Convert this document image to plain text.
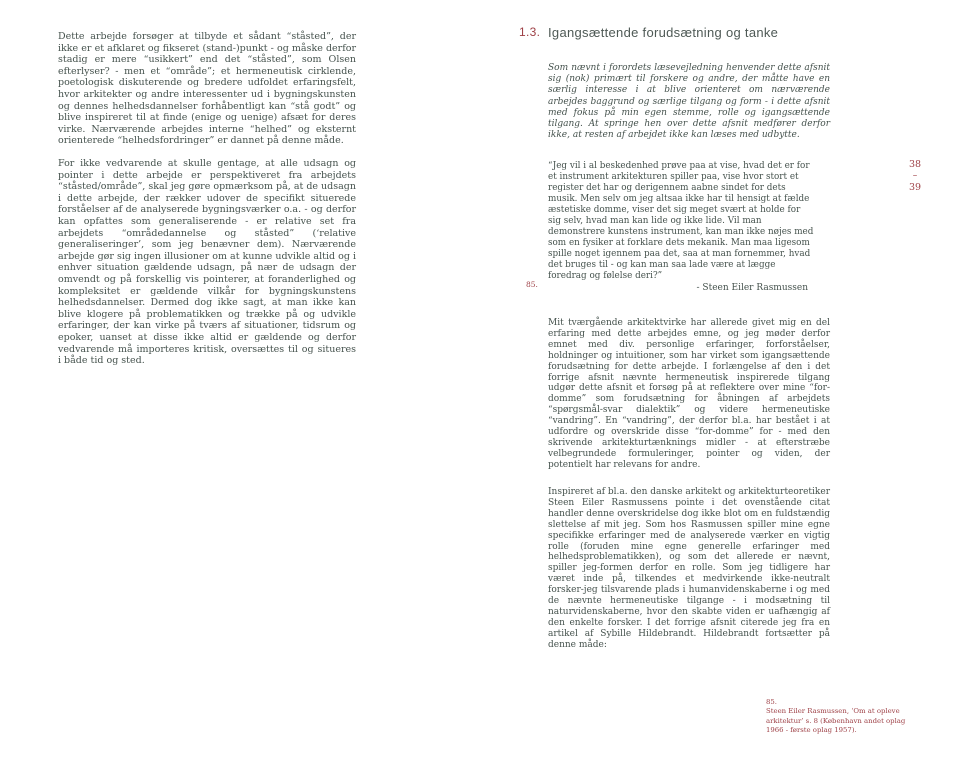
Dette arbejde forsøger at tilbyde et sådant “ståsted”, der ikke er et afklaret og fikseret (stand-)punkt - og måske derfor stadig er mere “usikkert” end det “ståsted”, som Olsen efterlyser? - men et “område”; et hermeneutisk cirklende, poetologisk diskuterende og bredere udfoldet erfaringsfelt, hvor arkitekter og andre interessenter ud i bygningskunsten og dennes helhedsdannelser forhåbentligt kan “stå godt” og blive inspireret til at finde (enige og uenige) afsæt for deres virke. Nærværende arbejdes interne “helhed” og eksternt orienterede “helhedsfordringer” er dannet på denne måde.

For ikke vedvarende at skulle gentage, at alle udsagn og pointer i dette arbejde er perspektiveret fra arbejdets “ståsted/område”, skal jeg gøre opmærksom på, at de udsagn i dette arbejde, der rækker udover de specifikt situerede forståelser af de analyserede bygningsværker o.a. - og derfor kan opfattes som generaliserende - er relative set fra arbejdets “områdedannelse og ståsted” (‘relative generaliseringer’, som jeg benævner dem). Nærværende arbejde gør sig ingen illusioner om at kunne udvikle altid og i enhver situation gældende udsagn, på nær de udsagn der omvendt og på forskellig vis pointerer, at foranderlighed og kompleksitet er gældende vilkår for bygningskunstens helhedsdannelser. Dermed dog ikke sagt, at man ikke kan blive klogere på problematikken og trække på og udvikle erfaringer, der kan virke på tværs af situationer, tidsrum og epoker, uanset at disse ikke altid er gældende og derfor vedvarende må importeres kritisk, oversættes til og situeres i både tid og sted.

1.3. Igangsættende forudsætning og tanke

Som nævnt i forordets læsevejledning henvender dette afsnit sig (nok) primært til forskere og andre, der måtte have en særlig interesse i at blive orienteret om nærværende arbejdes baggrund og særlige tilgang og form - i dette afsnit med fokus på min egen stemme, rolle og igangsættende tilgang. At springe hen over dette afsnit medfører derfor ikke, at resten af arbejdet ikke kan læses med udbytte.

85.

“Jeg vil i al beskedenhed prøve paa at vise, hvad det er for et instrument arkitekturen spiller paa, vise hvor stort et register det har og derigennem aabne sindet for dets musik. Men selv om jeg altsaa ikke har til hensigt at fælde æstetiske domme, viser det sig meget svært at holde for sig selv, hvad man kan lide og ikke lide. Vil man demonstrere kunstens instrument, kan man ikke nøjes med som en fysiker at forklare dets mekanik. Man maa ligesom spille noget igennem paa det, saa at man fornemmer, hvad det bruges til - og kan man saa lade være at lægge foredrag og følelse deri?”

- Steen Eiler Rasmussen

Mit tværgående arkitektvirke har allerede givet mig en del erfaring med dette arbejdes emne, og jeg møder derfor emnet med div. personlige erfaringer, forforståelser, holdninger og intuitioner, som har virket som igangsættende forudsætning for dette arbejde. I forlængelse af den i det forrige afsnit nævnte hermeneutisk inspirerede tilgang udgør dette afsnit et forsøg på at reflektere over mine “for-domme” som forudsætning for åbningen af arbejdets “spørgsmål-svar dialektik” og videre hermeneutiske “vandring”. En “vandring”, der derfor bl.a. har bestået i at udfordre og overskride disse “for-domme” for - med den skrivende arkitekturtænknings midler - at efterstræbe velbegrundede formuleringer, pointer og viden, der potentielt har relevans for andre.

Inspireret af bl.a. den danske arkitekt og arkitekturteoretiker Steen Eiler Rasmussens pointe i det ovenstående citat handler denne overskridelse dog ikke blot om en fuldstændig slettelse af mit jeg. Som hos Rasmussen spiller mine egne specifikke erfaringer med de analyserede værker en vigtig rolle (foruden mine egne generelle erfaringer med helhedsproblematikken), og som det allerede er nævnt, spiller jeg-formen derfor en rolle. Som jeg tidligere har været inde på, tilkendes et medvirkende ikke-neutralt forsker-jeg tilsvarende plads i humanvidenskaberne i og med de nævnte hermeneutiske tilgange - i modsætning til naturvidenskaberne, hvor den skabte viden er uafhængig af den enkelte forsker. I det forrige afsnit citerede jeg fra en artikel af Sybille Hildebrandt. Hildebrandt fortsætter på denne måde:

38
–
39
85.
Steen Eiler Rasmussen, ‘Om at opleve arkitektur’ s. 8 (København andet oplag 1966 - første oplag 1957).
